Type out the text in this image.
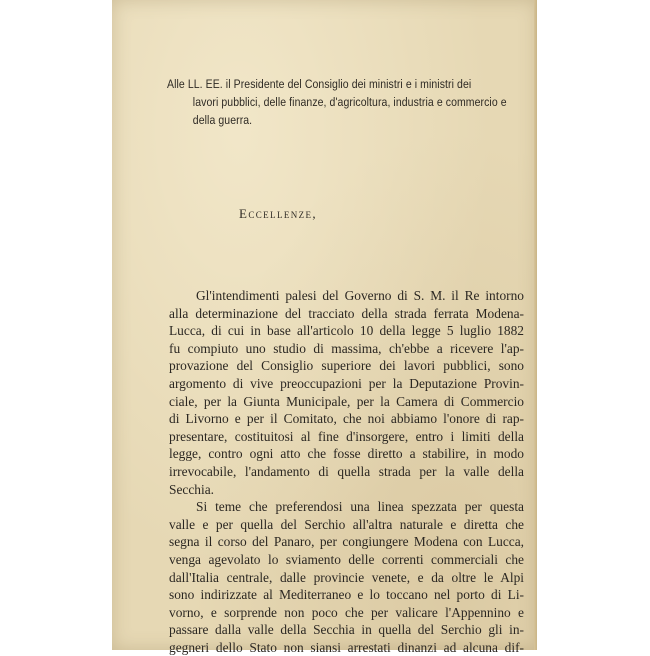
Alle LL. EE. il Presidente del Consiglio dei ministri e i ministri dei
lavori pubblici, delle finanze, d'agricoltura, industria e commercio e
della guerra.
Eccellenze,
Gl'intendimenti palesi del Governo di S. M. il Re intorno
alla determinazione del tracciato della strada ferrata Modena-
Lucca, di cui in base all'articolo 10 della legge 5 luglio 1882
fu compiuto uno studio di massima, ch'ebbe a ricevere l'ap-
provazione del Consiglio superiore dei lavori pubblici, sono
argomento di vive preoccupazioni per la Deputazione Provin-
ciale, per la Giunta Municipale, per la Camera di Commercio
di Livorno e per il Comitato, che noi abbiamo l'onore di rap-
presentare, costituitosi al fine d'insorgere, entro i limiti della
legge, contro ogni atto che fosse diretto a stabilire, in modo
irrevocabile, l'andamento di quella strada per la valle della
Secchia.
Si teme che preferendosi una linea spezzata per questa
valle e per quella del Serchio all'altra naturale e diretta che
segna il corso del Panaro, per congiungere Modena con Lucca,
venga agevolato lo sviamento delle correnti commerciali che
dall'Italia centrale, dalle provincie venete, e da oltre le Alpi
sono indirizzate al Mediterraneo e lo toccano nel porto di Li-
vorno, e sorprende non poco che per valicare l'Appennino e
passare dalla valle della Secchia in quella del Serchio gli in-
gegneri dello Stato non siansi arrestati dinanzi ad alcuna dif-
